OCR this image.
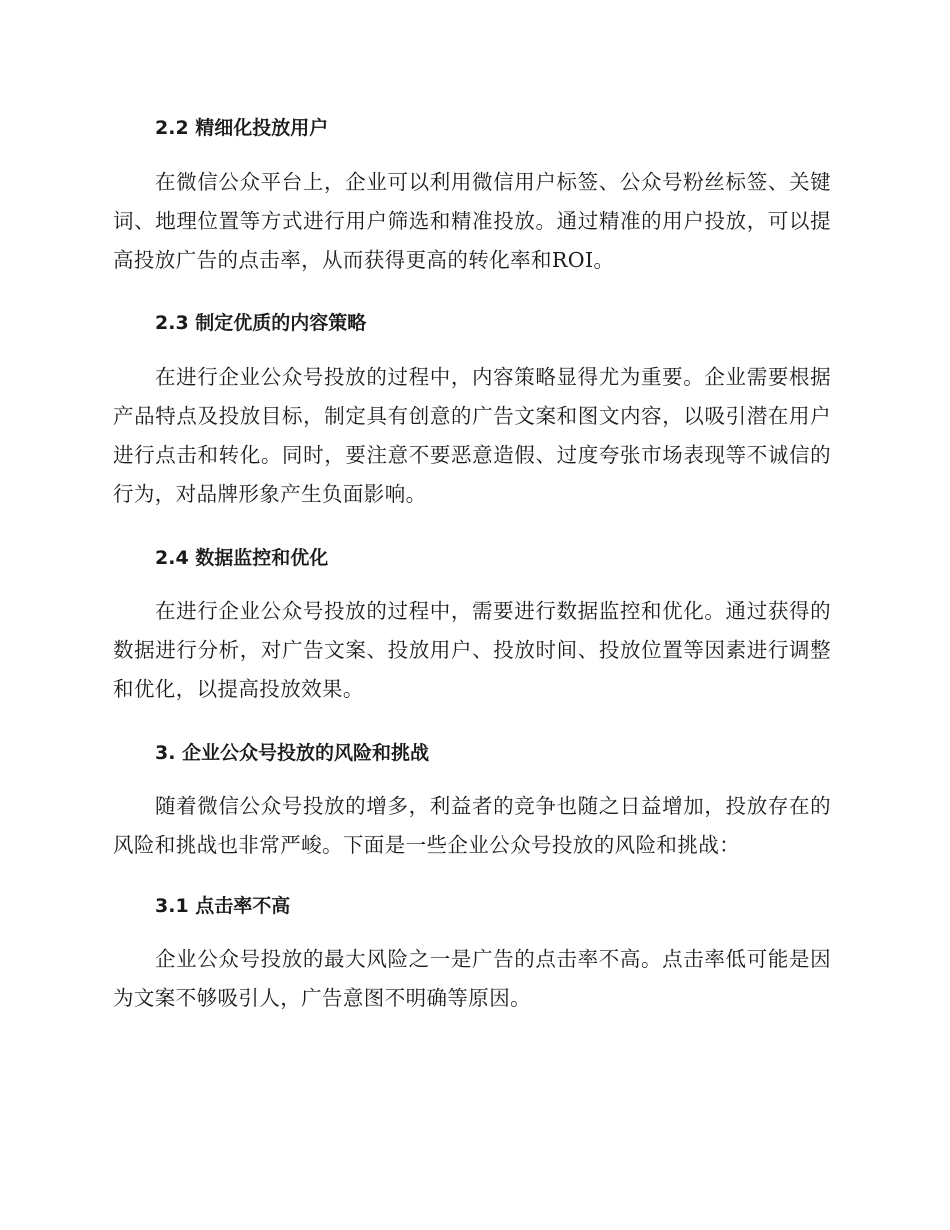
2.2 精细化投放用户
在微信公众平台上，企业可以利用微信用户标签、公众号粉丝标签、关键词、地理位置等方式进行用户筛选和精准投放。通过精准的用户投放，可以提高投放广告的点击率，从而获得更高的转化率和ROI。
2.3 制定优质的内容策略
在进行企业公众号投放的过程中，内容策略显得尤为重要。企业需要根据产品特点及投放目标，制定具有创意的广告文案和图文内容，以吸引潜在用户进行点击和转化。同时，要注意不要恶意造假、过度夸张市场表现等不诚信的行为，对品牌形象产生负面影响。
2.4 数据监控和优化
在进行企业公众号投放的过程中，需要进行数据监控和优化。通过获得的数据进行分析，对广告文案、投放用户、投放时间、投放位置等因素进行调整和优化，以提高投放效果。
3. 企业公众号投放的风险和挑战
随着微信公众号投放的增多，利益者的竞争也随之日益增加，投放存在的风险和挑战也非常严峻。下面是一些企业公众号投放的风险和挑战：
3.1 点击率不高
企业公众号投放的最大风险之一是广告的点击率不高。点击率低可能是因为文案不够吸引人，广告意图不明确等原因。
